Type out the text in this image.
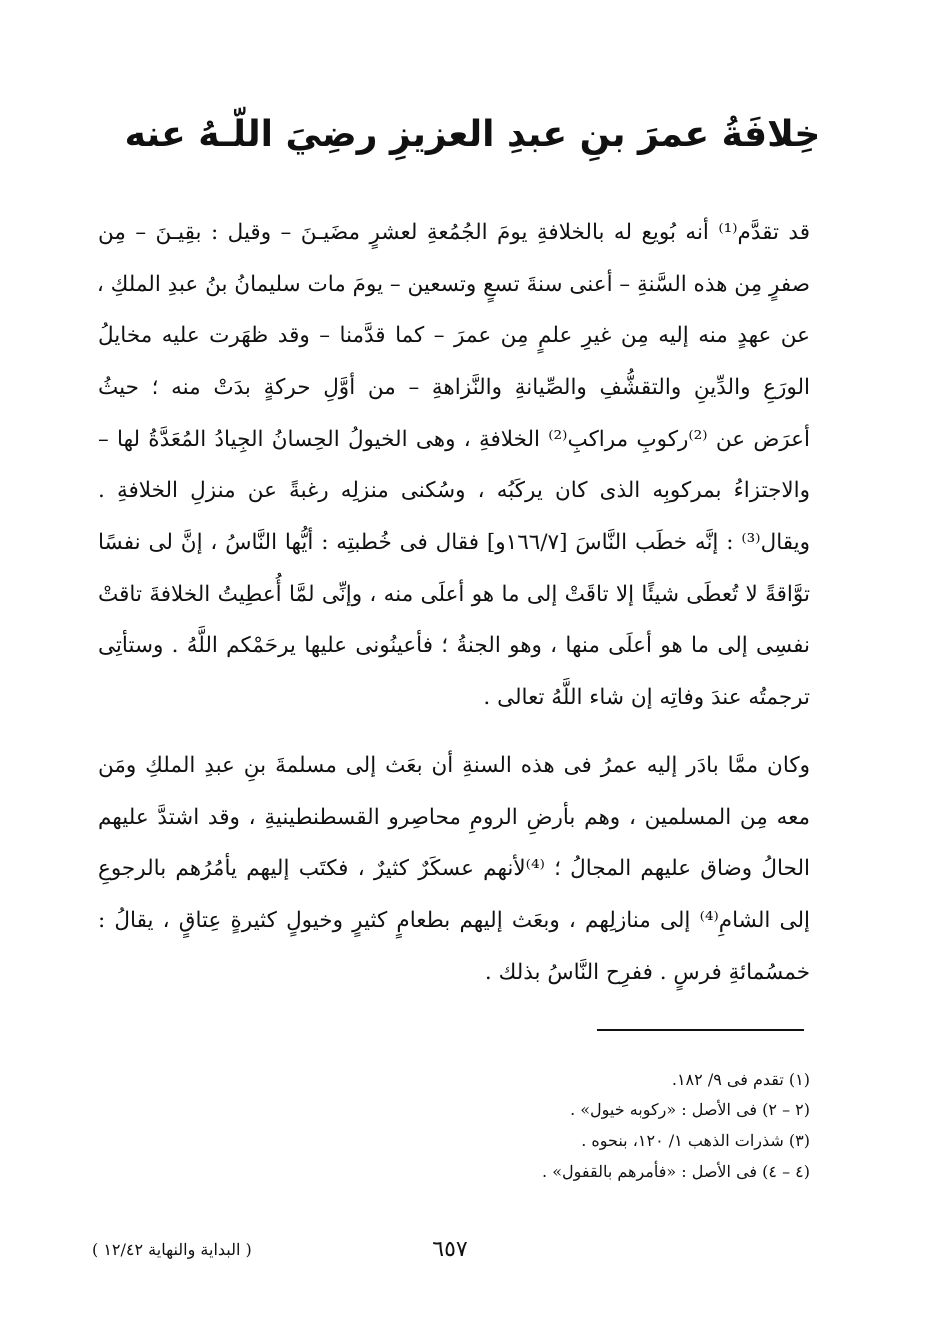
خِلافَةُ عمرَ بنِ عبدِ العزيزِ رضِيَ اللّـهُ عنه
قد تقدَّم⁽¹⁾ أنه بُويع له بالخلافةِ يومَ الجُمُعةِ لعشرٍ مضَيـنَ – وقيل : بقِيـنَ – مِن
صفرٍ مِن هذه السَّنةِ – أعنى سنةَ تسعٍ وتسعين – يومَ مات سليمانُ بنُ عبدِ الملكِ ،
عن عهدٍ منه إليه مِن غيرِ علمٍ مِن عمرَ – كما قدَّمنا – وقد ظهَرت عليه مخايلُ
الورَعِ والدِّينِ والتقشُّفِ والصِّيانةِ والنَّزاهةِ – من أوَّلِ حركةٍ بدَتْ منه ؛ حيثُ
أعرَض عن ⁽²⁾ركوبِ مراكبِ⁽²⁾ الخلافةِ ، وهى الخيولُ الحِسانُ الجِيادُ المُعَدَّةُ لها –
والاجتزاءُ بمركوبِه الذى كان يركَبُه ، وسُكنى منزلِه رغبةً عن منزلِ الخلافةِ .
ويقال⁽³⁾ : إنَّه خطَب النَّاسَ [١٦٦/٧و] فقال فى خُطبتِه : أيُّها النَّاسُ ، إنَّ لى نفسًا
توَّاقةً لا تُعطَى شيئًا إلا تاقَتْ إلى ما هو أعلَى منه ، وإنِّى لمَّا أُعطِيتُ الخلافةَ تاقتْ
نفسِى إلى ما هو أعلَى منها ، وهو الجنةُ ؛ فأعينُونى عليها يرحَمْكم اللَّهُ . وستأتِى
ترجمتُه عندَ وفاتِه إن شاء اللَّهُ تعالى .
وكان ممَّا بادَر إليه عمرُ فى هذه السنةِ أن بعَث إلى مسلمةَ بنِ عبدِ الملكِ ومَن
معه مِن المسلمين ، وهم بأرضِ الرومِ محاصِرو القسطنطينيةِ ، وقد اشتدَّ عليهم
الحالُ وضاق عليهم المجالُ ؛ ⁽⁴⁾لأنهم عسكَرٌ كثيرٌ ، فكتَب إليهم يأمُرُهم بالرجوعِ
إلى الشامِ⁽⁴⁾ إلى منازلِهم ، وبعَث إليهم بطعامٍ كثيرٍ وخيولٍ كثيرةٍ عِتاقٍ ، يقالُ :
خمسُمائةِ فرسٍ . ففرِح النَّاسُ بذلك .
(١) تقدم فى ٩/ ١٨٢.
(٢ – ٢) فى الأصل : «ركوبه خيول» .
(٣) شذرات الذهب ١/ ١٢٠، بنحوه .
(٤ – ٤) فى الأصل : «فأمرهم بالقفول» .
( البداية والنهاية ١٢/٤٢ )	٦٥٧
